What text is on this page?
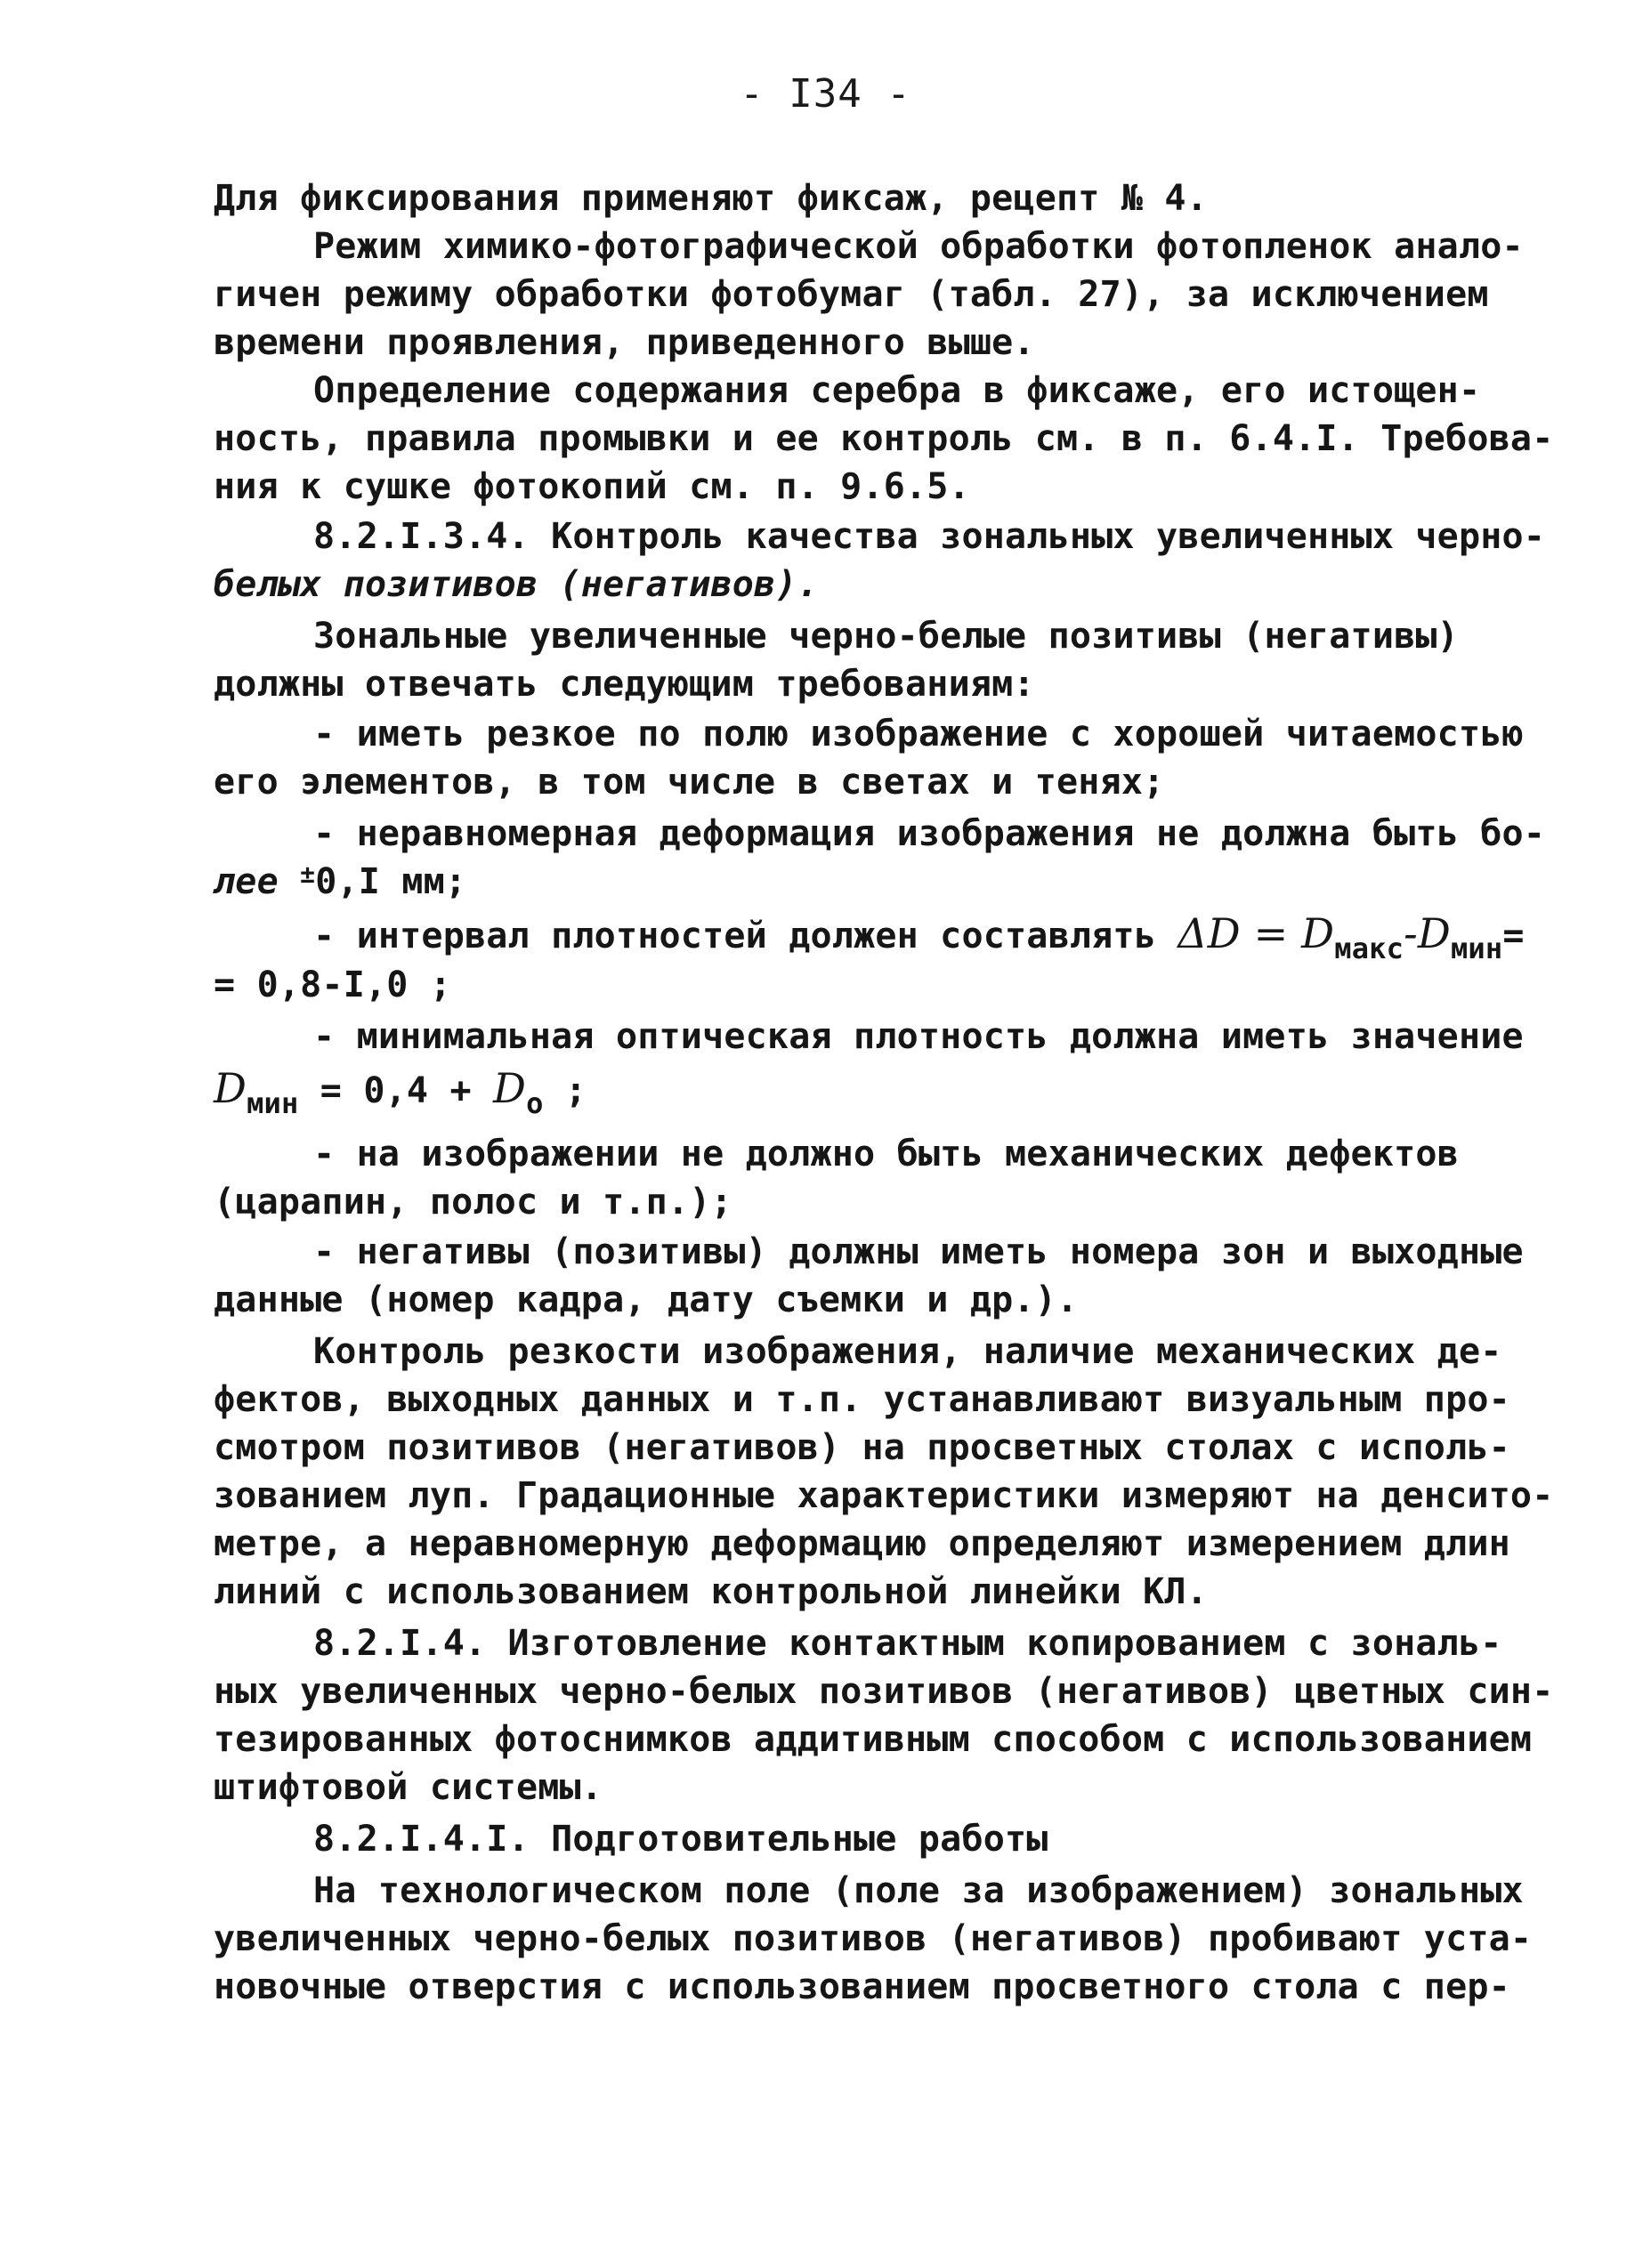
- I34 -
Для фиксирования применяют фиксаж, рецепт № 4.
Режим химико-фотографической обработки фотопленок анало-
гичен режиму обработки фотобумаг (табл. 27), за исключением
времени проявления, приведенного выше.
Определение содержания серебра в фиксаже, его истощен-
ность, правила промывки и ее контроль см. в п. 6.4.I. Требова-
ния к сушке фотокопий см. п. 9.6.5.
8.2.I.3.4. Контроль качества зональных увеличенных черно-
белых позитивов (негативов).
Зональные увеличенные черно-белые позитивы (негативы)
должны отвечать следующим требованиям:
- иметь резкое по полю изображение с хорошей читаемостью
его элементов, в том числе в светах и тенях;
- неравномерная деформация изображения не должна быть бо-
лее ±0,I мм;
- интервал плотностей должен составлять $\Delta D = D_{макс}-D_{мин}=$
= 0,8-I,0 ;
- минимальная оптическая плотность должна иметь значение
$D_{мин} = 0,4 + D_o$ ;
- на изображении не должно быть механических дефектов
(царапин, полос и т.п.);
- негативы (позитивы) должны иметь номера зон и выходные
данные (номер кадра, дату съемки и др.).
Контроль резкости изображения, наличие механических де-
фектов, выходных данных и т.п. устанавливают визуальным про-
смотром позитивов (негативов) на просветных столах с исполь-
зованием луп. Градационные характеристики измеряют на денсито-
метре, а неравномерную деформацию определяют измерением длин
линий с использованием контрольной линейки КЛ.
8.2.I.4. Изготовление контактным копированием с зональ-
ных увеличенных черно-белых позитивов (негативов) цветных син-
тезированных фотоснимков аддитивным способом с использованием
штифтовой системы.
8.2.I.4.I. Подготовительные работы
На технологическом поле (поле за изображением) зональных
увеличенных черно-белых позитивов (негативов) пробивают уста-
новочные отверстия с использованием просветного стола с пер-
